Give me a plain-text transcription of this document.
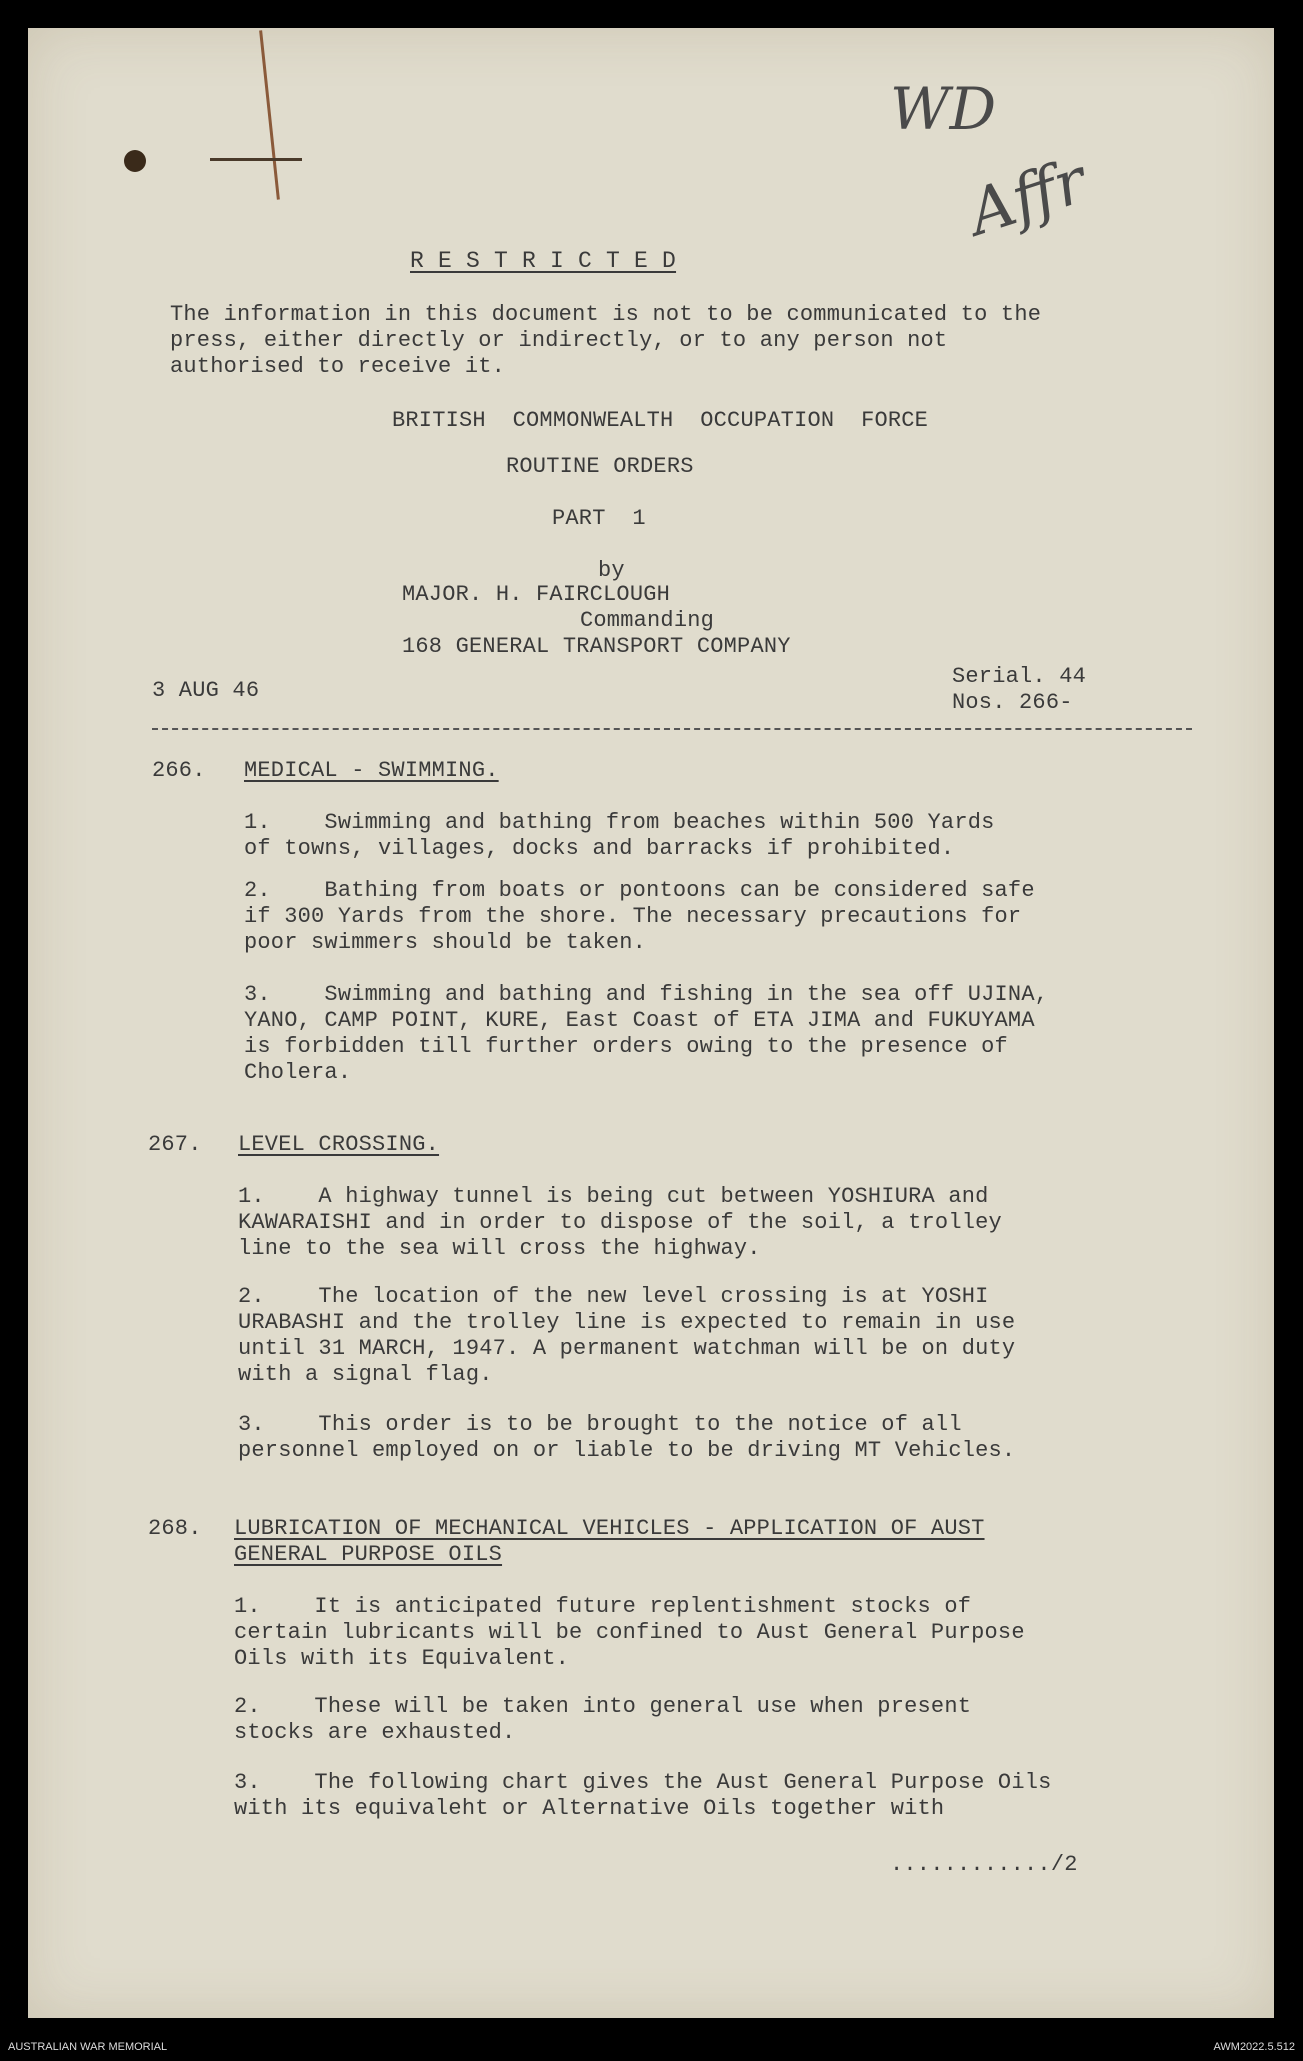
WD
Affr
R E S T R I C T E D
The information in this document is not to be communicated to the
press, either directly or indirectly, or to any person not
authorised to receive it.
BRITISH  COMMONWEALTH  OCCUPATION  FORCE
ROUTINE ORDERS
PART  1
by
MAJOR. H. FAIRCLOUGH
Commanding
168 GENERAL TRANSPORT COMPANY
3 AUG 46
Serial. 44
Nos. 266-
266. MEDICAL - SWIMMING.
1.    Swimming and bathing from beaches within 500 Yards
of towns, villages, docks and barracks if prohibited.
2.    Bathing from boats or pontoons can be considered safe
if 300 Yards from the shore. The necessary precautions for
poor swimmers should be taken.
3.    Swimming and bathing and fishing in the sea off UJINA,
YANO, CAMP POINT, KURE, East Coast of ETA JIMA and FUKUYAMA
is forbidden till further orders owing to the presence of
Cholera.
267. LEVEL CROSSING.
1.    A highway tunnel is being cut between YOSHIURA and
KAWARAISHI and in order to dispose of the soil, a trolley
line to the sea will cross the highway.
2.    The location of the new level crossing is at YOSHI
URABASHI and the trolley line is expected to remain in use
until 31 MARCH, 1947. A permanent watchman will be on duty
with a signal flag.
3.    This order is to be brought to the notice of all
personnel employed on or liable to be driving MT Vehicles.
268. LUBRICATION OF MECHANICAL VEHICLES - APPLICATION OF AUST
GENERAL PURPOSE OILS
1.    It is anticipated future replentishment stocks of
certain lubricants will be confined to Aust General Purpose
Oils with its Equivalent.
2.    These will be taken into general use when present
stocks are exhausted.
3.    The following chart gives the Aust General Purpose Oils
with its equivaleht or Alternative Oils together with
............/2
AUSTRALIAN WAR MEMORIAL	AWM2022.5.512
